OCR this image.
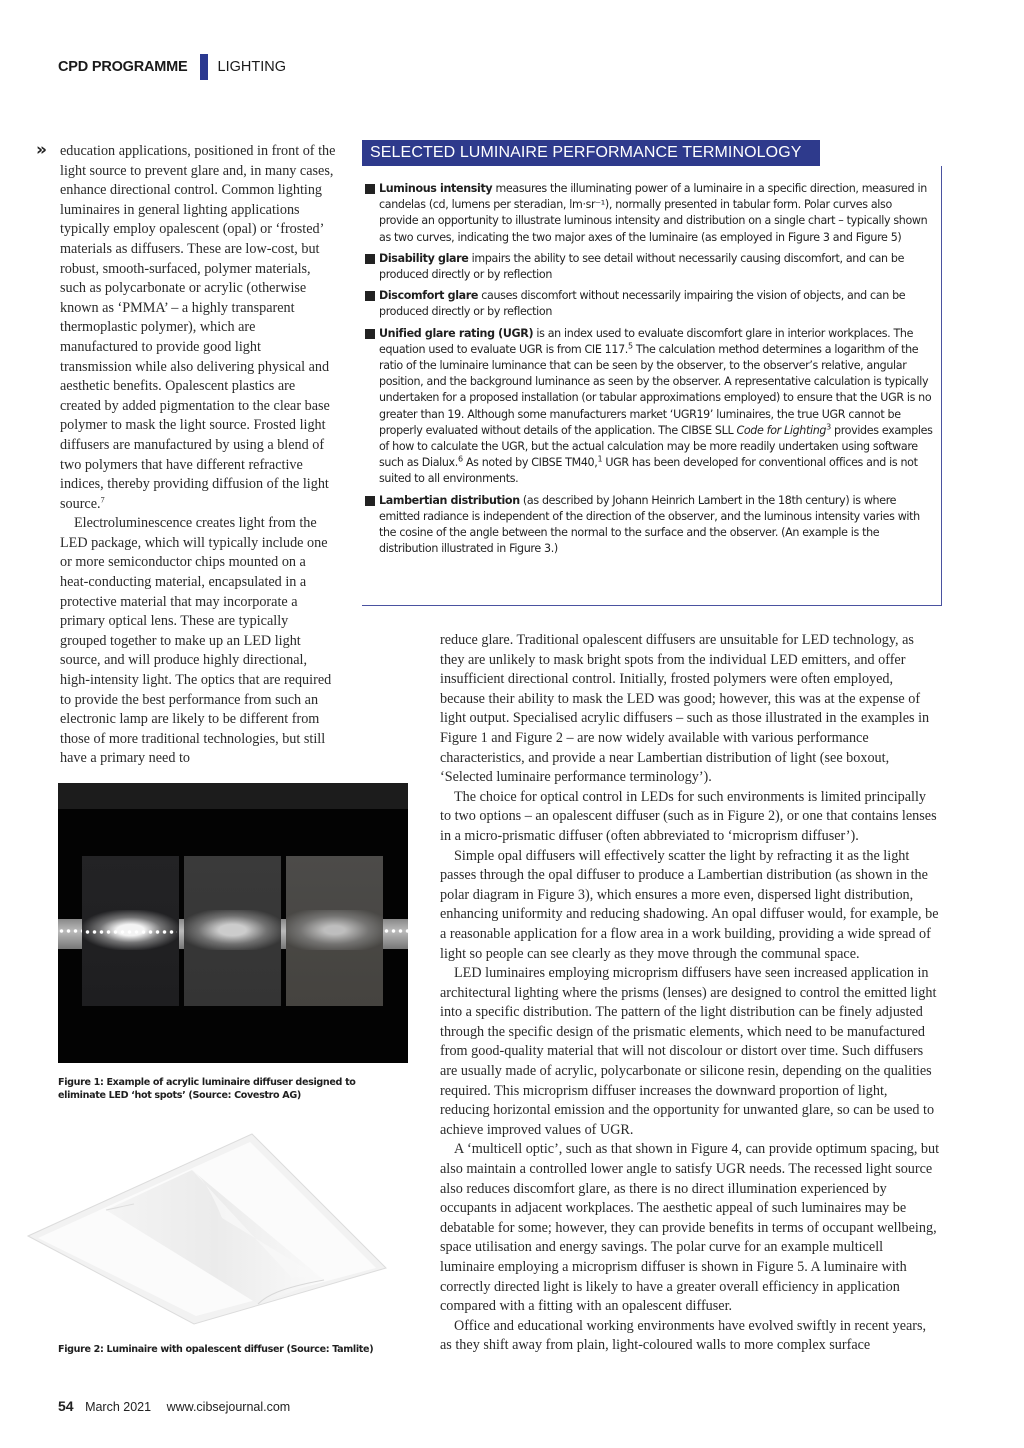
CPD PROGRAMME LIGHTING
» education applications, positioned in front of the light source to prevent glare and, in many cases, enhance directional control. Common lighting luminaires in general lighting applications typically employ opalescent (opal) or ‘frosted’ materials as diffusers. These are low-cost, but robust, smooth-surfaced, polymer materials, such as polycarbonate or acrylic (otherwise known as ‘PMMA’ – a highly transparent thermoplastic polymer), which are manufactured to provide good light transmission while also delivering physical and aesthetic benefits. Opalescent plastics are created by added pigmentation to the clear base polymer to mask the light source. Frosted light diffusers are manufactured by using a blend of two polymers that have different refractive indices, thereby providing diffusion of the light source.$^7$

Electroluminescence creates light from the LED package, which will typically include one or more semiconductor chips mounted on a heat-conducting material, encapsulated in a protective material that may incorporate a primary optical lens. These are typically grouped together to make up an LED light source, and will produce highly directional, high-intensity light. The optics that are required to provide the best performance from such an electronic lamp are likely to be different from those of more traditional technologies, but still have a primary need to

SELECTED LUMINAIRE PERFORMANCE TERMINOLOGY
Luminous intensity measures the illuminating power of a luminaire in a specific direction, measured in candelas (cd, lumens per steradian, lm·sr⁻¹), normally presented in tabular form. Polar curves also provide an opportunity to illustrate luminous intensity and distribution on a single chart – typically shown as two curves, indicating the two major axes of the luminaire (as employed in Figure 3 and Figure 5)
Disability glare impairs the ability to see detail without necessarily causing discomfort, and can be produced directly or by reflection
Discomfort glare causes discomfort without necessarily impairing the vision of objects, and can be produced directly or by reflection
Unified glare rating (UGR) is an index used to evaluate discomfort glare in interior workplaces. The equation used to evaluate UGR is from CIE 117.$^5$ The calculation method determines a logarithm of the ratio of the luminaire luminance that can be seen by the observer, to the observer’s relative, angular position, and the background luminance as seen by the observer. A representative calculation is typically undertaken for a proposed installation (or tabular approximations employed) to ensure that the UGR is no greater than 19. Although some manufacturers market ‘UGR19’ luminaires, the true UGR cannot be properly evaluated without details of the application. The CIBSE SLL Code for Lighting$^3$ provides examples of how to calculate the UGR, but the actual calculation may be more readily undertaken using software such as Dialux.$^6$ As noted by CIBSE TM40,$^1$ UGR has been developed for conventional offices and is not suited to all environments.
Lambertian distribution (as described by Johann Heinrich Lambert in the 18th century) is where emitted radiance is independent of the direction of the observer, and the luminous intensity varies with the cosine of the angle between the normal to the surface and the observer. (An example is the distribution illustrated in Figure 3.)

reduce glare. Traditional opalescent diffusers are unsuitable for LED technology, as they are unlikely to mask bright spots from the individual LED emitters, and offer insufficient directional control. Initially, frosted polymers were often employed, because their ability to mask the LED was good; however, this was at the expense of light output. Specialised acrylic diffusers – such as those illustrated in the examples in Figure 1 and Figure 2 – are now widely available with various performance characteristics, and provide a near Lambertian distribution of light (see boxout, ‘Selected luminaire performance terminology’).

The choice for optical control in LEDs for such environments is limited principally to two options – an opalescent diffuser (such as in Figure 2), or one that contains lenses in a micro-prismatic diffuser (often abbreviated to ‘microprism diffuser’).

Simple opal diffusers will effectively scatter the light by refracting it as the light passes through the opal diffuser to produce a Lambertian distribution (as shown in the polar diagram in Figure 3), which ensures a more even, dispersed light distribution, enhancing uniformity and reducing shadowing. An opal diffuser would, for example, be a reasonable application for a flow area in a work building, providing a wide spread of light so people can see clearly as they move through the communal space.

LED luminaires employing microprism diffusers have seen increased application in architectural lighting where the prisms (lenses) are designed to control the emitted light into a specific distribution. The pattern of the light distribution can be finely adjusted through the specific design of the prismatic elements, which need to be manufactured from good-quality material that will not discolour or distort over time. Such diffusers are usually made of acrylic, polycarbonate or silicone resin, depending on the qualities required. This microprism diffuser increases the downward proportion of light, reducing horizontal emission and the opportunity for unwanted glare, so can be used to achieve improved values of UGR.

A ‘multicell optic’, such as that shown in Figure 4, can provide optimum spacing, but also maintain a controlled lower angle to satisfy UGR needs. The recessed light source also reduces discomfort glare, as there is no direct illumination experienced by occupants in adjacent workplaces. The aesthetic appeal of such luminaires may be debatable for some; however, they can provide benefits in terms of occupant wellbeing, space utilisation and energy savings. The polar curve for an example multicell luminaire employing a microprism diffuser is shown in Figure 5. A luminaire with correctly directed light is likely to have a greater overall efficiency in application compared with a fitting with an opalescent diffuser.

Office and educational working environments have evolved swiftly in recent years, as they shift away from plain, light-coloured walls to more complex surface

Figure 1: Example of acrylic luminaire diffuser designed to eliminate LED ‘hot spots’ (Source: Covestro AG)
Figure 2: Luminaire with opalescent diffuser (Source: Tamlite)
54 March 2021 www.cibsejournal.com
